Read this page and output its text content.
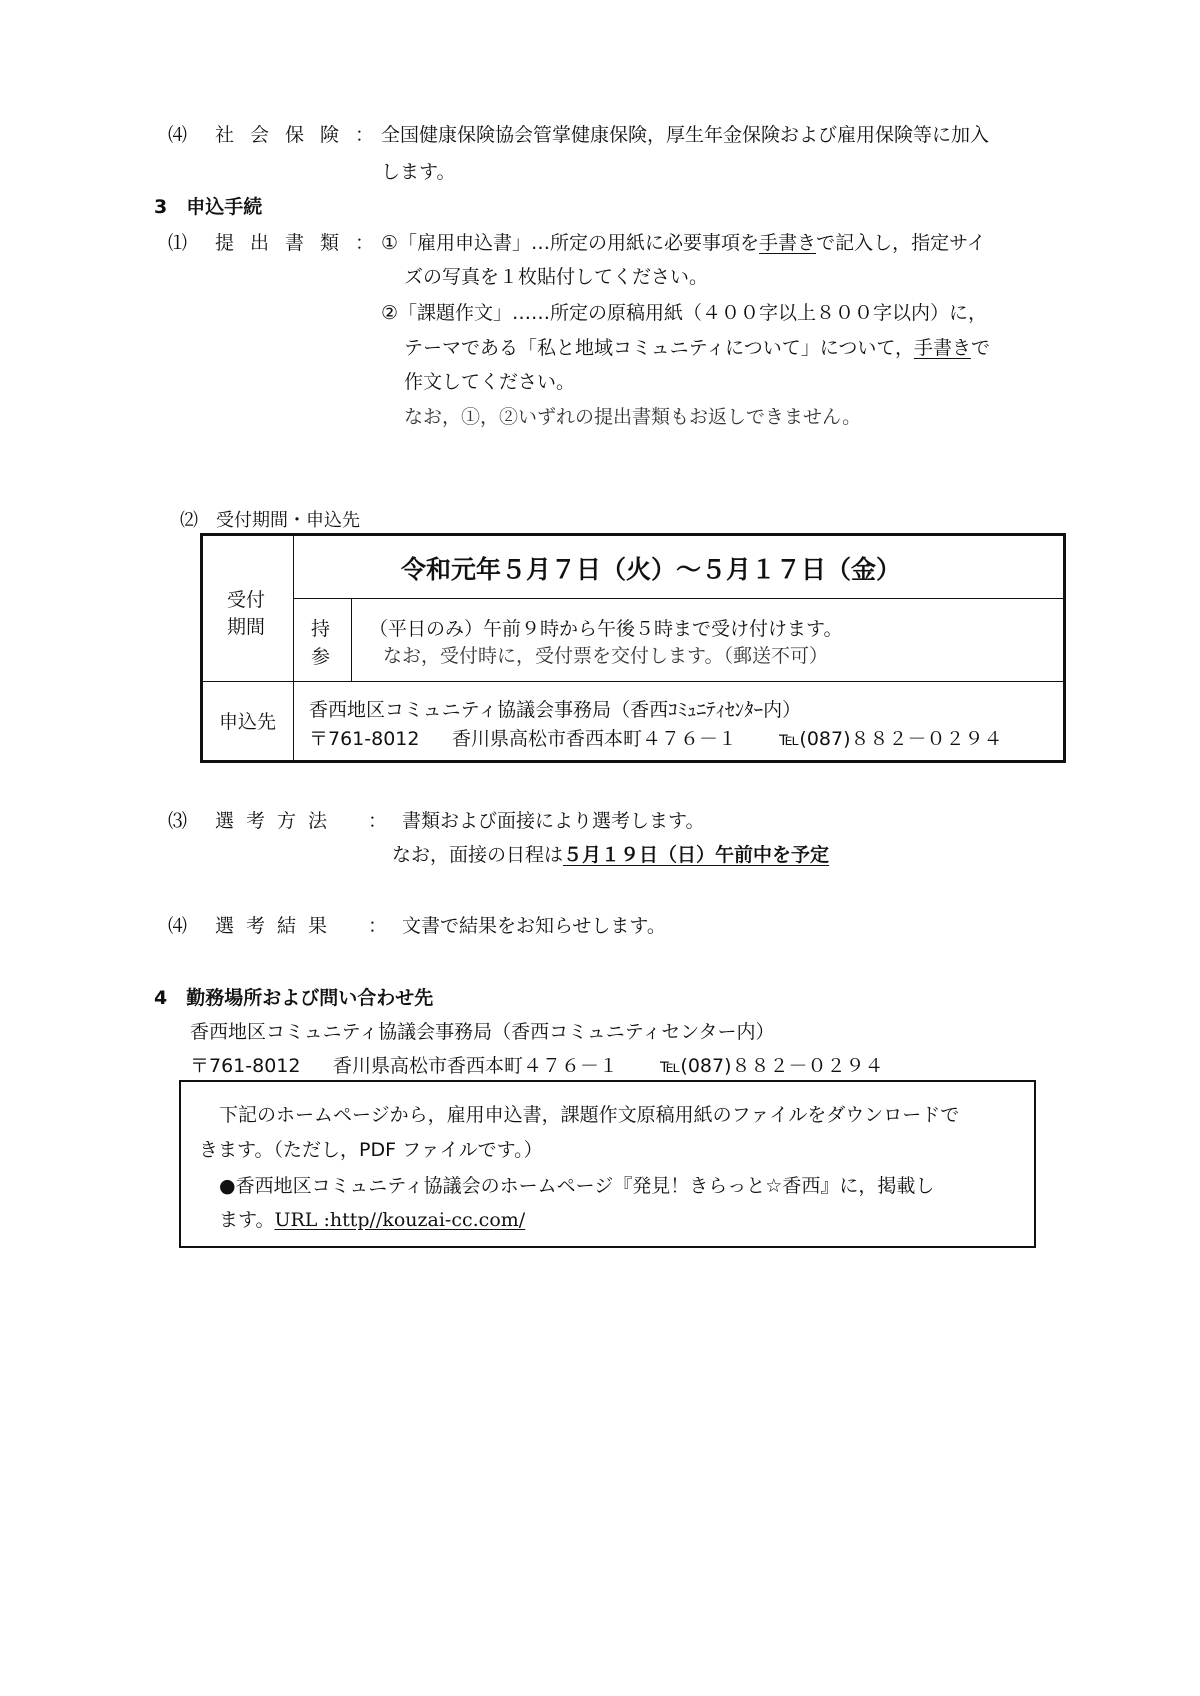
⑷ 社会保険：
全国健康保険協会管掌健康保険，厚生年金保険および雇用保険等に加入
します。
3　申込手続
⑴ 提出書類：
①「雇用申込書」…所定の用紙に必要事項を手書きで記入し，指定サイ
ズの写真を１枚貼付してください。
②「課題作文」……所定の原稿用紙（４００字以上８００字以内）に，
テーマである「私と地域コミュニティについて」について，手書きで
作文してください。
なお，①，②いずれの提出書類もお返しできません。
⑵　受付期間・申込先
受付
期間
令和元年５月７日（火）～５月１７日（金）
持
参
（平日のみ）午前９時から午後５時まで受け付けます。
なお，受付時に，受付票を交付します。（郵送不可）
申込先
香西地区コミュニティ協議会事務局（香西ｺﾐｭﾆﾃｨｾﾝﾀｰ内）
〒761-8012 香川県高松市香西本町４７６－１ ℡(087)８８２－０２９４
⑶ 選考方法 ： 書類および面接により選考します。
なお，面接の日程は５月１９日（日）午前中を予定
⑷ 選考結果 ： 文書で結果をお知らせします。
4　勤務場所および問い合わせ先
香西地区コミュニティ協議会事務局（香西コミュニティセンター内）
〒761-8012 香川県高松市香西本町４７６－１ ℡(087)８８２－０２９４
下記のホームページから，雇用申込書，課題作文原稿用紙のファイルをダウンロードで
きます。（ただし，PDF ファイルです。）
●香西地区コミュニティ協議会のホームページ『発見！きらっと☆香西』に，掲載し
ます。URL :http//kouzai-cc.com/
